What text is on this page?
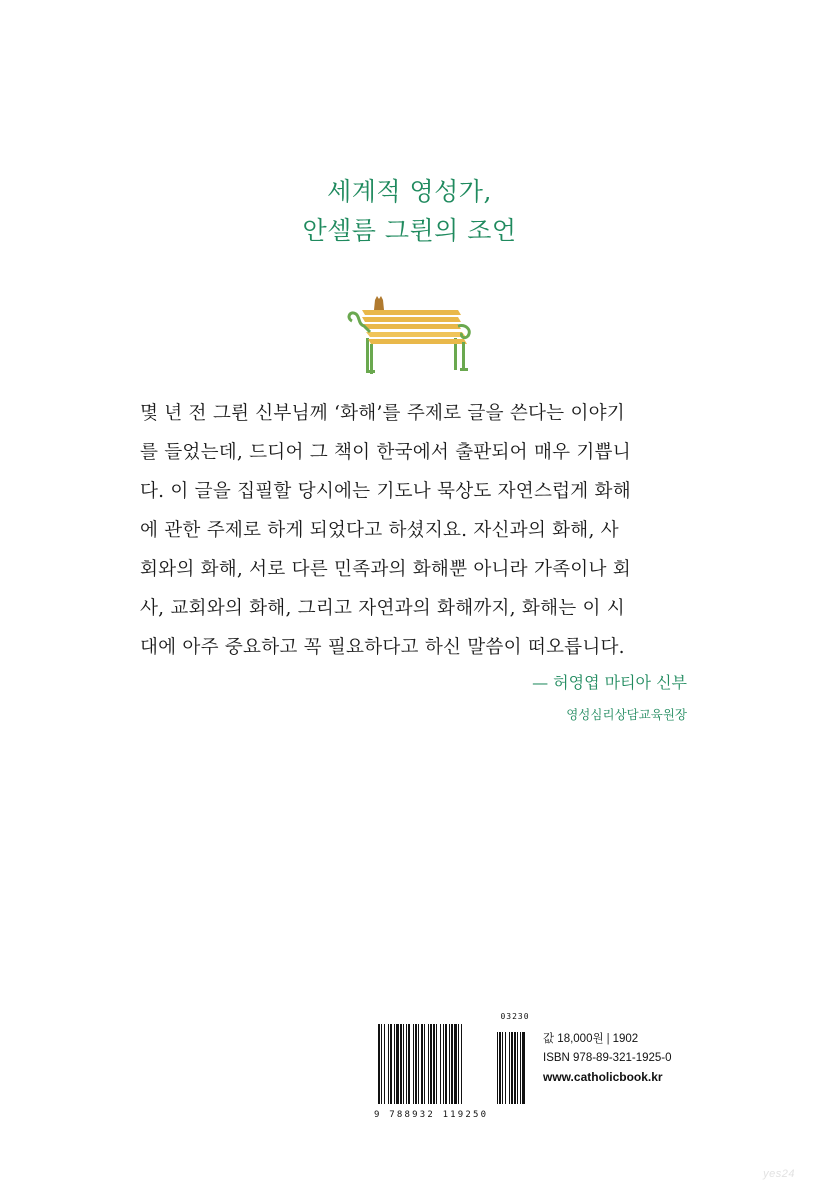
세계적 영성가,
안셀름 그륀의 조언
몇 년 전 그륀 신부님께 ‘화해’를 주제로 글을 쓴다는 이야기
를 들었는데, 드디어 그 책이 한국에서 출판되어 매우 기쁩니
다. 이 글을 집필할 당시에는 기도나 묵상도 자연스럽게 화해
에 관한 주제로 하게 되었다고 하셨지요. 자신과의 화해, 사
회와의 화해, 서로 다른 민족과의 화해뿐 아니라 가족이나 회
사, 교회와의 화해, 그리고 자연과의 화해까지, 화해는 이 시
대에 아주 중요하고 꼭 필요하다고 하신 말씀이 떠오릅니다.
— 허영엽 마티아 신부
영성심리상담교육원장
03230
9 788932 119250
값 18,000원 | 1902
ISBN 978-89-321-1925-0
www.catholicbook.kr
yes24
